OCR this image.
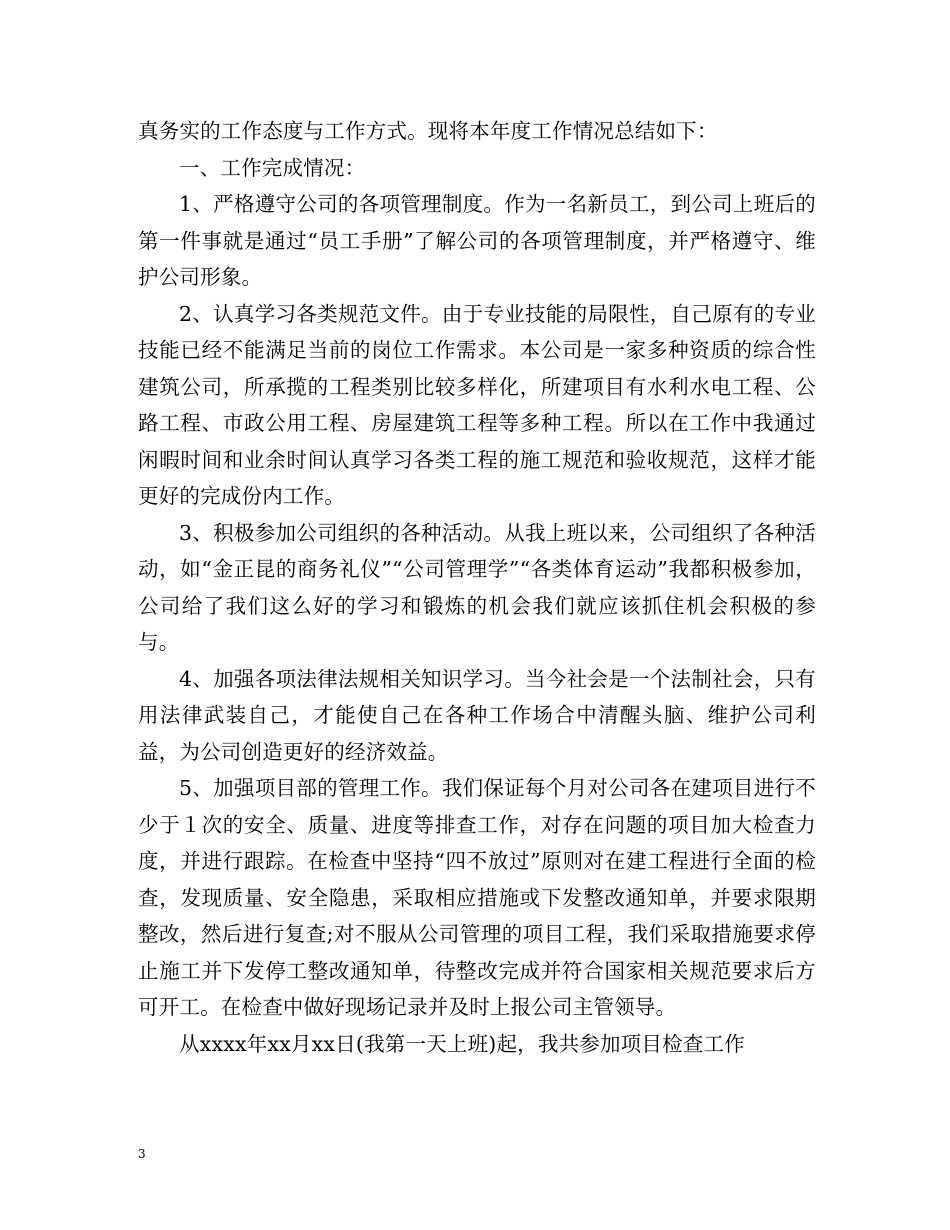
真务实的工作态度与工作方式。现将本年度工作情况总结如下：

一、工作完成情况：

1、严格遵守公司的各项管理制度。作为一名新员工，到公司上班后的第一件事就是通过“员工手册”了解公司的各项管理制度，并严格遵守、维护公司形象。

2、认真学习各类规范文件。由于专业技能的局限性，自己原有的专业技能已经不能满足当前的岗位工作需求。本公司是一家多种资质的综合性建筑公司，所承揽的工程类别比较多样化，所建项目有水利水电工程、公路工程、市政公用工程、房屋建筑工程等多种工程。所以在工作中我通过闲暇时间和业余时间认真学习各类工程的施工规范和验收规范，这样才能更好的完成份内工作。

3、积极参加公司组织的各种活动。从我上班以来，公司组织了各种活动，如“金正昆的商务礼仪”“公司管理学”“各类体育运动”我都积极参加，公司给了我们这么好的学习和锻炼的机会我们就应该抓住机会积极的参与。

4、加强各项法律法规相关知识学习。当今社会是一个法制社会，只有用法律武装自己，才能使自己在各种工作场合中清醒头脑、维护公司利益，为公司创造更好的经济效益。

5、加强项目部的管理工作。我们保证每个月对公司各在建项目进行不少于１次的安全、质量、进度等排查工作，对存在问题的项目加大检查力度，并进行跟踪。在检查中坚持“四不放过”原则对在建工程进行全面的检查，发现质量、安全隐患，采取相应措施或下发整改通知单，并要求限期整改，然后进行复查;对不服从公司管理的项目工程，我们采取措施要求停止施工并下发停工整改通知单，待整改完成并符合国家相关规范要求后方可开工。在检查中做好现场记录并及时上报公司主管领导。

从xxxx年xx月xx日(我第一天上班)起，我共参加项目检查工作

3
